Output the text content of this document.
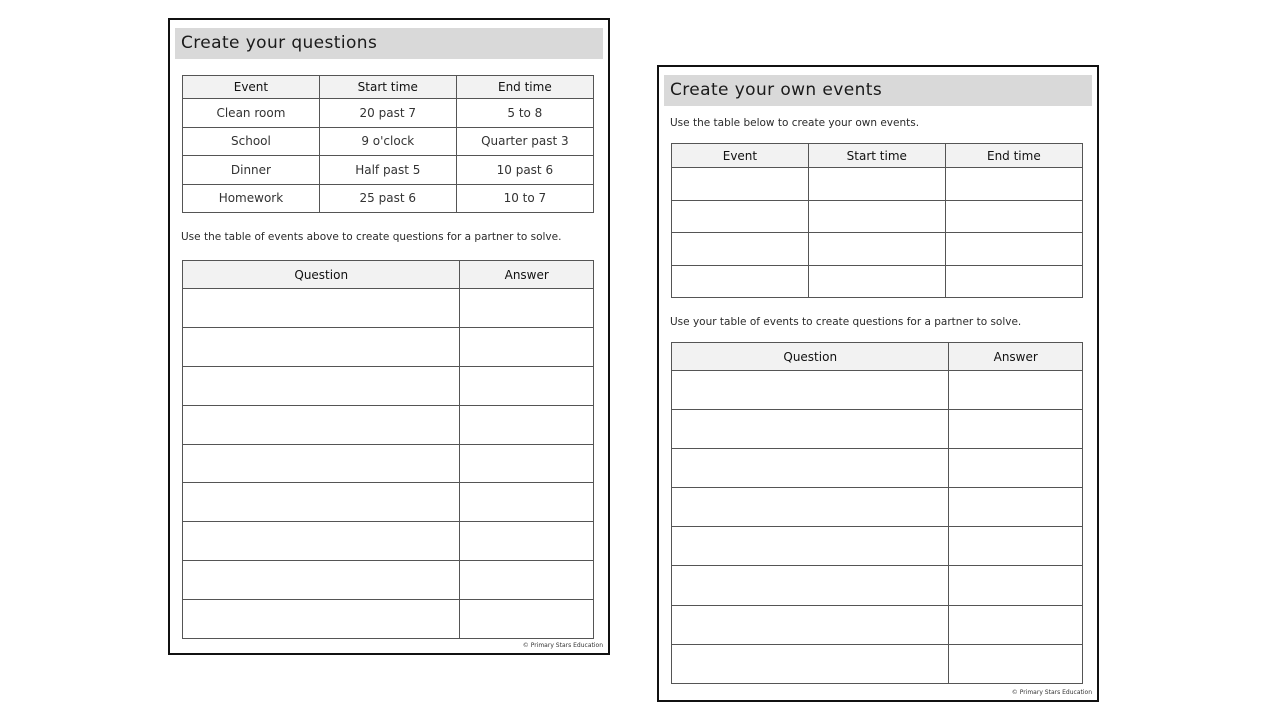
Create your questions
Event	Start time	End time
Clean room	20 past 7	5 to 8
School	9 o'clock	Quarter past 3
Dinner	Half past 5	10 past 6
Homework	25 past 6	10 to 7
Use the table of events above to create questions for a partner to solve.
Question	Answer

© Primary Stars Education
Create your own events
Use the table below to create your own events.
Event	Start time	End time

Use your table of events to create questions for a partner to solve.
Question	Answer

© Primary Stars Education
